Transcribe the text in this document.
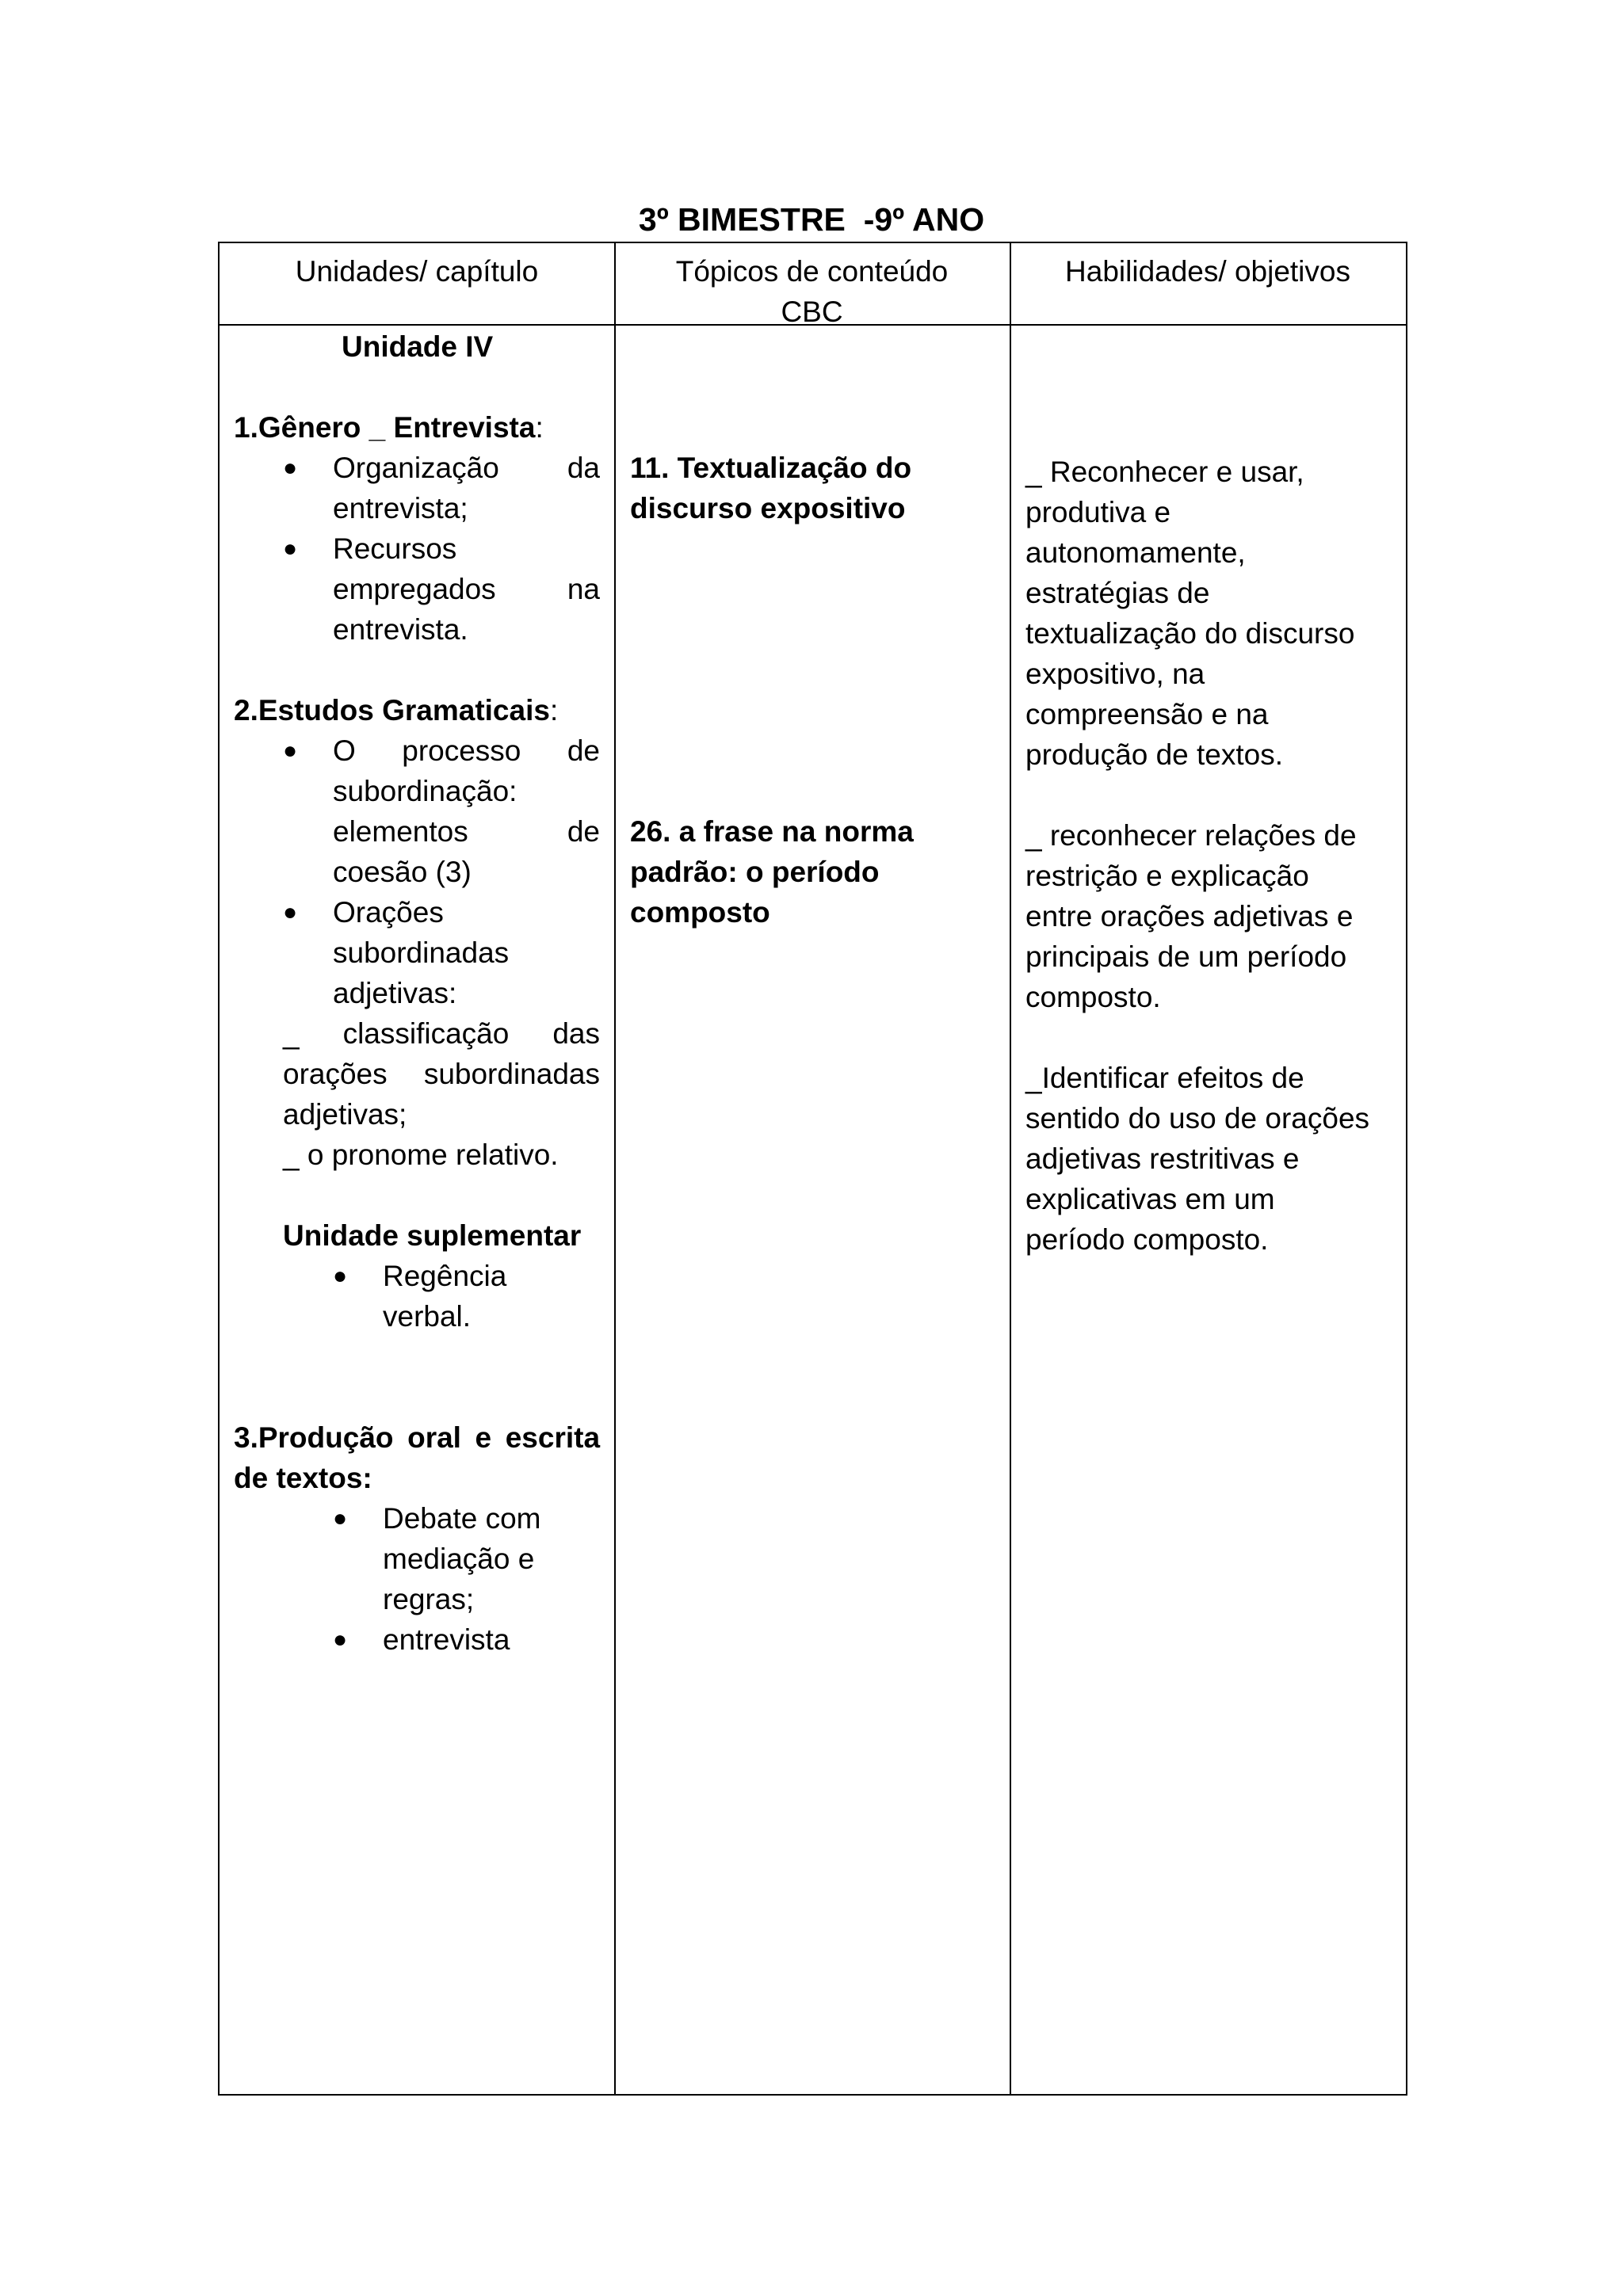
3º BIMESTRE  -9º ANO
Unidades/ capítulo	Tópicos de conteúdo

CBC

Habilidades/ objetivos

Unidade IV

1.Gênero _ Entrevista:

● Organização da

entrevista;

● Recursos

empregados na

entrevista.

2.Estudos Gramaticais:

● O processo de

subordinação:

elementos	de

coesão (3)

● Orações

subordinadas

adjetivas:

_ classificação das

orações subordinadas

adjetivas;

_ o pronome relativo.

Unidade suplementar

● Regência

verbal.

3.Produção oral e escrita

de textos:

● Debate com

mediação e

regras;

● entrevista

11. Textualização do

discurso expositivo

26. a frase na norma

padrão: o período

composto

_ Reconhecer e usar,

produtiva e

autonomamente,

estratégias de

textualização do discurso

expositivo, na

compreensão e na

produção de textos.

_ reconhecer relações de

restrição e explicação

entre orações adjetivas e

principais de um período

composto.

_Identificar efeitos de

sentido do uso de orações

adjetivas restritivas e

explicativas em um

período composto.
